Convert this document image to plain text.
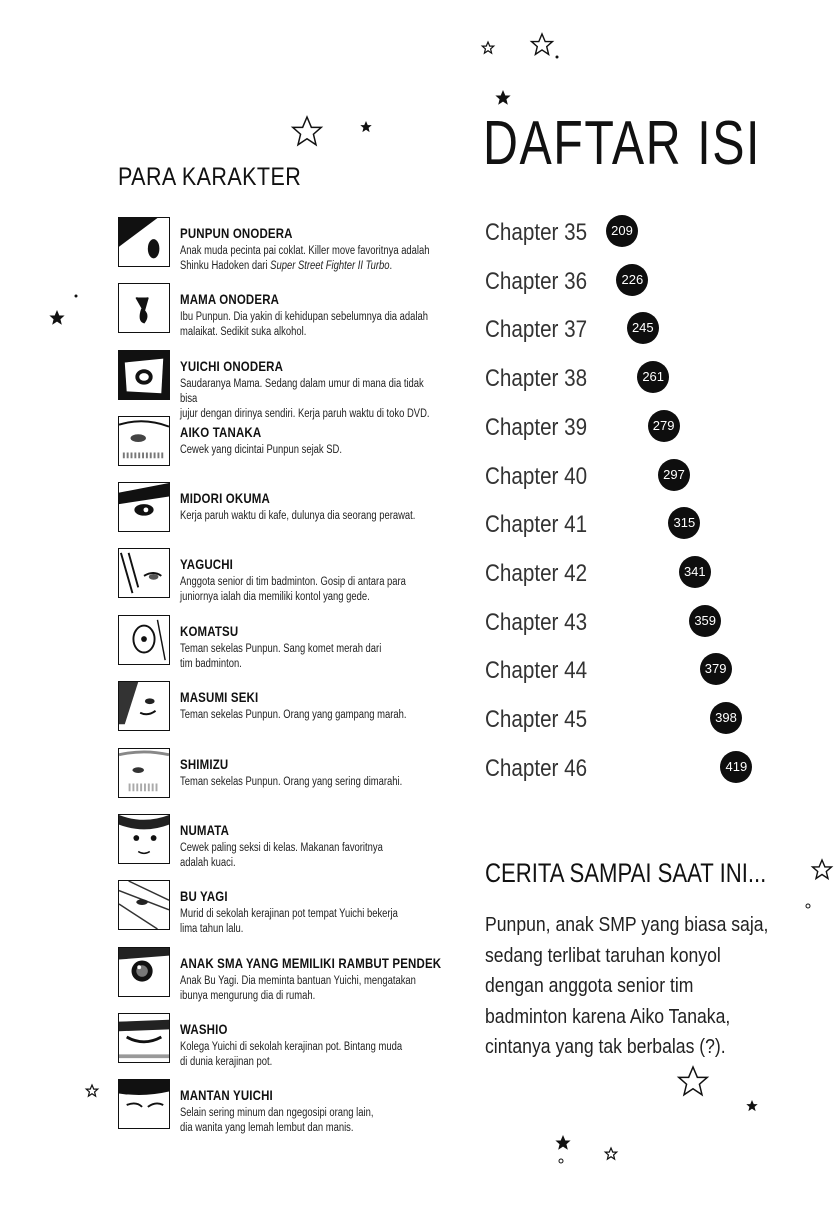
PARA KARAKTER
PUNPUN ONODERA
Anak muda pecinta pai coklat. Killer move favoritnya adalah
Shinku Hadoken dari Super Street Fighter II Turbo.
MAMA ONODERA
Ibu Punpun. Dia yakin di kehidupan sebelumnya dia adalah
malaikat. Sedikit suka alkohol.
YUICHI ONODERA
Saudaranya Mama. Sedang dalam umur di mana dia tidak bisa
jujur dengan dirinya sendiri. Kerja paruh waktu di toko DVD.
AIKO TANAKA
Cewek yang dicintai Punpun sejak SD.
MIDORI OKUMA
Kerja paruh waktu di kafe, dulunya dia seorang perawat.
YAGUCHI
Anggota senior di tim badminton. Gosip di antara para
juniornya ialah dia memiliki kontol yang gede.
KOMATSU
Teman sekelas Punpun. Sang komet merah dari
tim badminton.
MASUMI SEKI
Teman sekelas Punpun. Orang yang gampang marah.
SHIMIZU
Teman sekelas Punpun. Orang yang sering dimarahi.
NUMATA
Cewek paling seksi di kelas. Makanan favoritnya
adalah kuaci.
BU YAGI
Murid di sekolah kerajinan pot tempat Yuichi bekerja
lima tahun lalu.
ANAK SMA YANG MEMILIKI RAMBUT PENDEK
Anak Bu Yagi. Dia meminta bantuan Yuichi, mengatakan
ibunya mengurung dia di rumah.
WASHIO
Kolega Yuichi di sekolah kerajinan pot. Bintang muda
di dunia kerajinan pot.
MANTAN YUICHI
Selain sering minum dan ngegosipi orang lain,
dia wanita yang lemah lembut dan manis.
DAFTAR ISI
Chapter 35	209
Chapter 36	226
Chapter 37	245
Chapter 38	261
Chapter 39	279
Chapter 40	297
Chapter 41	315
Chapter 42	341
Chapter 43	359
Chapter 44	379
Chapter 45	398
Chapter 46	419
CERITA SAMPAI SAAT INI...
Punpun, anak SMP yang biasa saja, sedang terlibat taruhan konyol dengan anggota senior tim badminton karena Aiko Tanaka, cintanya yang tak berbalas (?).
